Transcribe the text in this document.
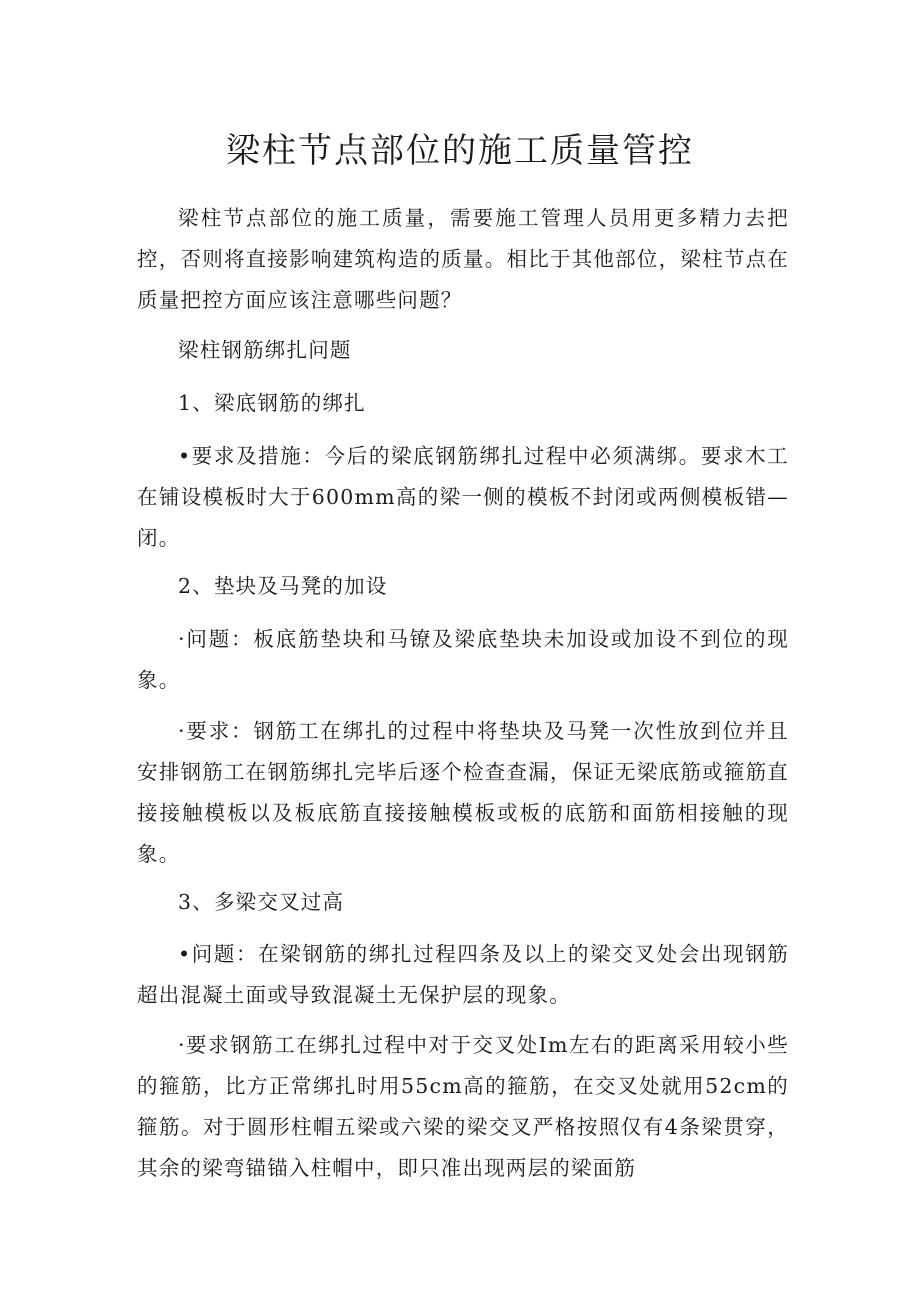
梁柱节点部位的施工质量管控

梁柱节点部位的施工质量，需要施工管理人员用更多精力去把控，否则将直接影响建筑构造的质量。相比于其他部位，梁柱节点在质量把控方面应该注意哪些问题？

梁柱钢筋绑扎问题

1、梁底钢筋的绑扎

•要求及措施：今后的梁底钢筋绑扎过程中必须满绑。要求木工在铺设模板时大于600mm高的梁一侧的模板不封闭或两侧模板错—闭。

2、垫块及马凳的加设

·问题：板底筋垫块和马镣及梁底垫块未加设或加设不到位的现象。

·要求：钢筋工在绑扎的过程中将垫块及马凳一次性放到位并且安排钢筋工在钢筋绑扎完毕后逐个检查查漏，保证无梁底筋或箍筋直接接触模板以及板底筋直接接触模板或板的底筋和面筋相接触的现象。

3、多梁交叉过高

•问题：在梁钢筋的绑扎过程四条及以上的梁交叉处会出现钢筋超出混凝土面或导致混凝土无保护层的现象。

·要求钢筋工在绑扎过程中对于交叉处Im左右的距离采用较小些的箍筋，比方正常绑扎时用55cm高的箍筋，在交叉处就用52cm的箍筋。对于圆形柱帽五梁或六梁的梁交叉严格按照仅有4条梁贯穿，其余的梁弯锚锚入柱帽中，即只准出现两层的梁面筋
